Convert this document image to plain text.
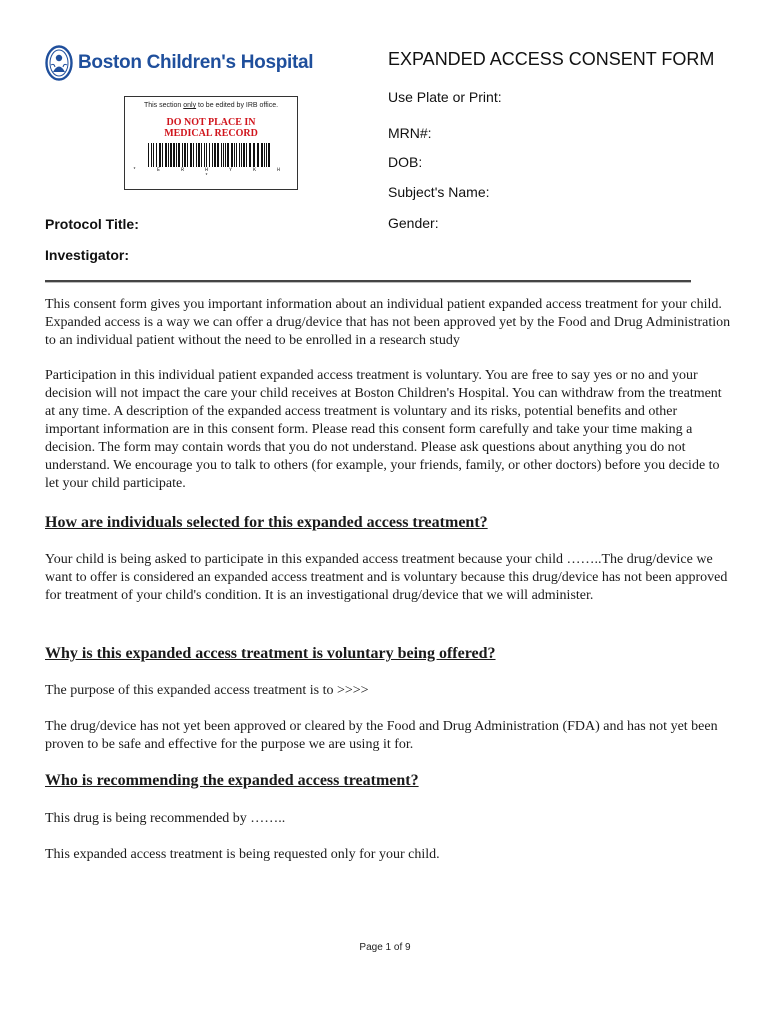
Boston Children's Hospital
This section only to be edited by IRB office.
DO NOT PLACE IN
MEDICAL RECORD
* E R H Y K H *
EXPANDED ACCESS CONSENT FORM
Use Plate or Print:
MRN#:
DOB:
Subject's Name:
Gender:
Protocol Title:
Investigator:

This consent form gives you important information about an individual patient expanded access treatment for your child. Expanded access is a way we can offer a drug/device that has not been approved yet by the Food and Drug Administration to an individual patient without the need to be enrolled in a research study

Participation in this individual patient expanded access treatment is voluntary. You are free to say yes or no and your decision will not impact the care your child receives at Boston Children's Hospital. You can withdraw from the treatment at any time. A description of the expanded access treatment is voluntary and its risks, potential benefits and other important information are in this consent form. Please read this consent form carefully and take your time making a decision. The form may contain words that you do not understand. Please ask questions about anything you do not understand. We encourage you to talk to others (for example, your friends, family, or other doctors) before you decide to let your child participate.

How are individuals selected for this expanded access treatment?

Your child is being asked to participate in this expanded access treatment because your child ……..The drug/device we want to offer is considered an expanded access treatment and is voluntary because this drug/device has not been approved for treatment of your child's condition. It is an investigational drug/device that we will administer.

Why is this expanded access treatment is voluntary being offered?

The purpose of this expanded access treatment is to >>>>

The drug/device has not yet been approved or cleared by the Food and Drug Administration (FDA) and has not yet been proven to be safe and effective for the purpose we are using it for.

Who is recommending the expanded access treatment?

This drug is being recommended by ……..

This expanded access treatment is being requested only for your child.

Page 1 of 9
